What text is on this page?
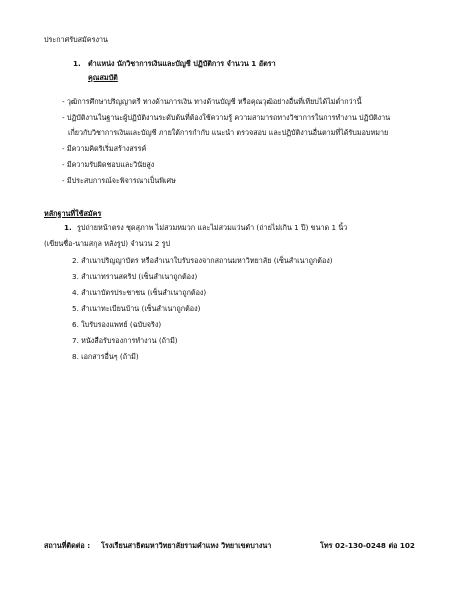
ประกาศรับสมัครงาน
1. ตำแหน่ง นักวิชาการเงินและบัญชี ปฏิบัติการ จำนวน 1 อัตรา
คุณสมบัติ
- วุฒิการศึกษาปริญญาตรี ทางด้านการเงิน ทางด้านบัญชี หรือคุณวุฒิอย่างอื่นที่เทียบได้ไม่ต่ำกว่านี้
- ปฏิบัติงานในฐานะผู้ปฏิบัติงานระดับต้นที่ต้องใช้ความรู้ ความสามารถทางวิชาการในการทำงาน ปฏิบัติงาน
เกี่ยวกับวิชาการเงินและบัญชี ภายใต้การกำกับ แนะนำ ตรวจสอบ และปฏิบัติงานอื่นตามที่ได้รับมอบหมาย
- มีความคิดริเริ่มสร้างสรรค์
- มีความรับผิดชอบและวินัยสูง
- มีประสบการณ์จะพิจารณาเป็นพิเศษ
หลักฐานที่ใช้สมัคร
1. รูปถ่ายหน้าตรง ชุดสุภาพ ไม่สวมหมวก และไม่สวมแว่นดำ (ถ่ายไม่เกิน 1 ปี) ขนาด 1 นิ้ว
(เขียนชื่อ-นามสกุล หลังรูป) จำนวน 2 รูป
2. สำเนาปริญญาบัตร หรือสำเนาใบรับรองจากสถานมหาวิทยาลัย (เซ็นสำเนาถูกต้อง)
3. สำเนาทรานสคริป (เซ็นสำเนาถูกต้อง)
4. สำเนาบัตรประชาชน (เซ็นสำเนาถูกต้อง)
5. สำเนาทะเบียนบ้าน (เซ็นสำเนาถูกต้อง)
6. ใบรับรองแพทย์ (ฉบับจริง)
7. หนังสือรับรองการทำงาน (ถ้ามี)
8. เอกสารอื่นๆ (ถ้ามี)
สถานที่ติดต่อ : โรงเรียนสาธิตมหาวิทยาลัยรามคำแหง วิทยาเขตบางนา	โทร 02-130-0248 ต่อ 102
